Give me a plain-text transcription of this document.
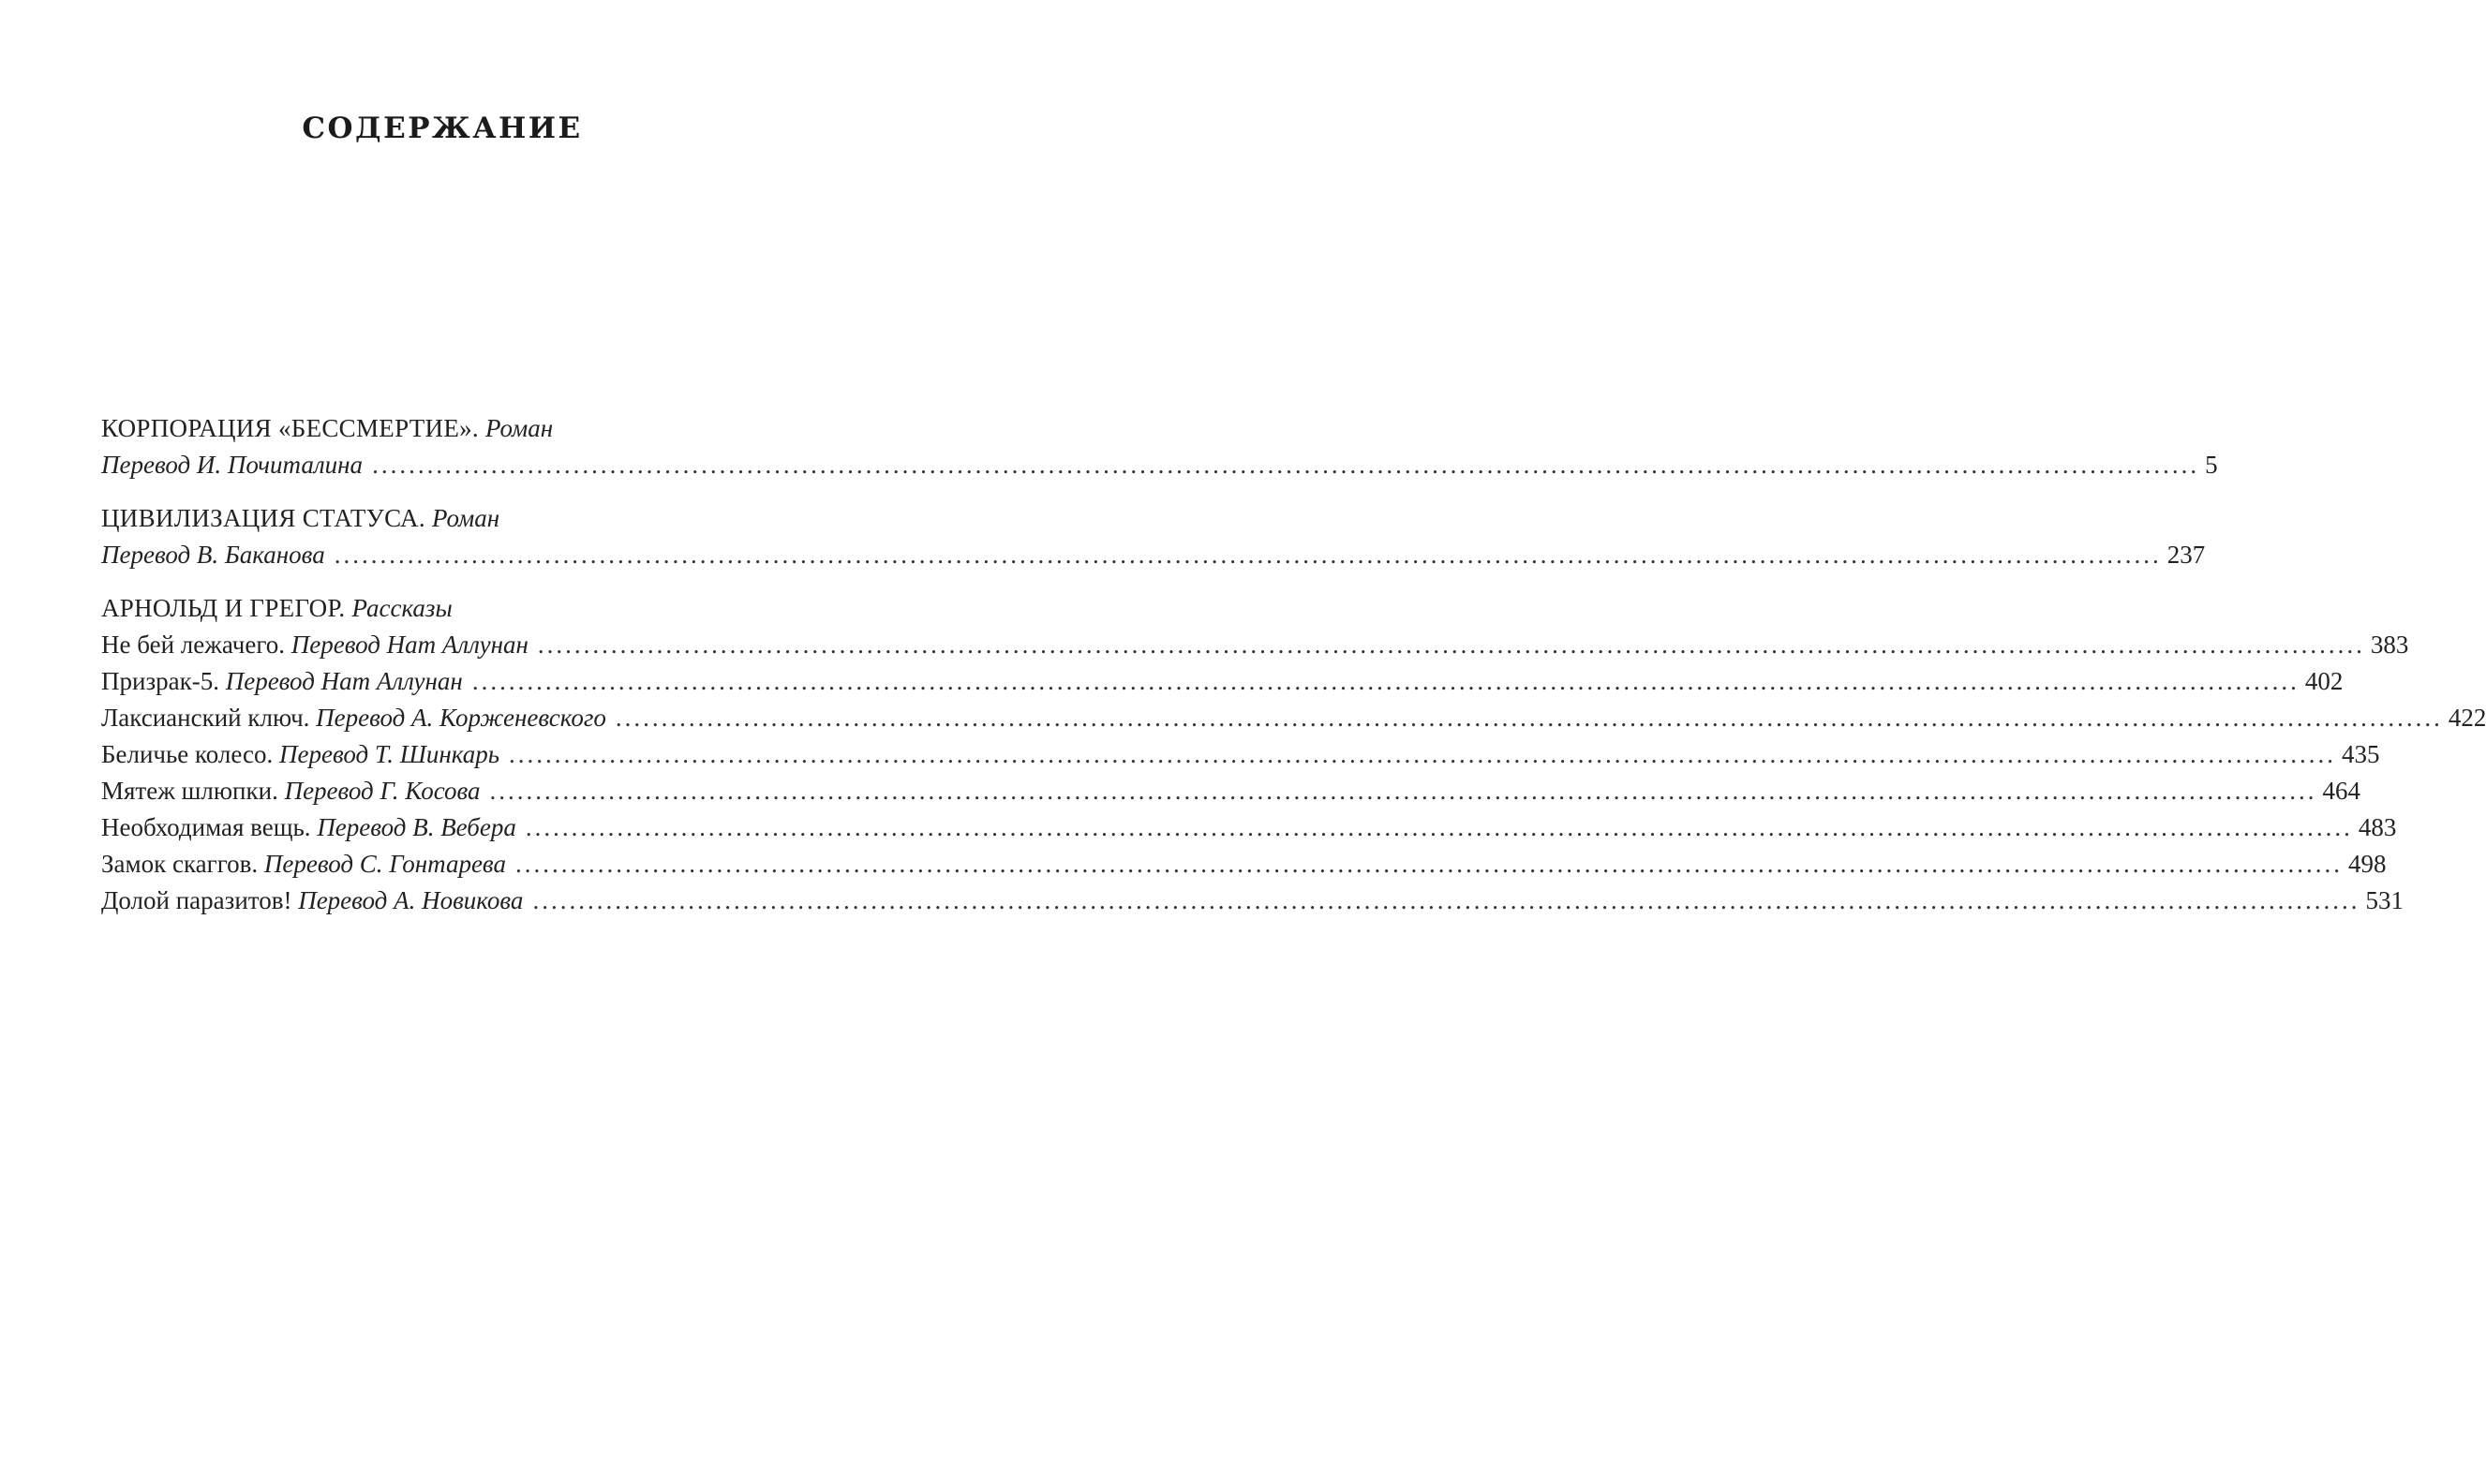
СОДЕРЖАНИЕ
КОРПОРАЦИЯ «БЕССМЕРТИЕ». Роман
Перевод И. Почиталина ........................................................................................................................................................................................................ 5
ЦИВИЛИЗАЦИЯ СТАТУСА. Роман
Перевод В. Баканова ........................................................................................................................................................................................................ 237
АРНОЛЬД И ГРЕГОР. Рассказы
Не бей лежачего. Перевод Нат Аллунан ........................................................................................................................................................................................................ 383
Призрак-5. Перевод Нат Аллунан ........................................................................................................................................................................................................ 402
Лаксианский ключ. Перевод А. Корженевского ........................................................................................................................................................................................................ 422
Беличье колесо. Перевод Т. Шинкарь ........................................................................................................................................................................................................ 435
Мятеж шлюпки. Перевод Г. Косова ........................................................................................................................................................................................................ 464
Необходимая вещь. Перевод В. Вебера ........................................................................................................................................................................................................ 483
Замок скаггов. Перевод С. Гонтарева ........................................................................................................................................................................................................ 498
Долой паразитов! Перевод А. Новикова ........................................................................................................................................................................................................ 531
